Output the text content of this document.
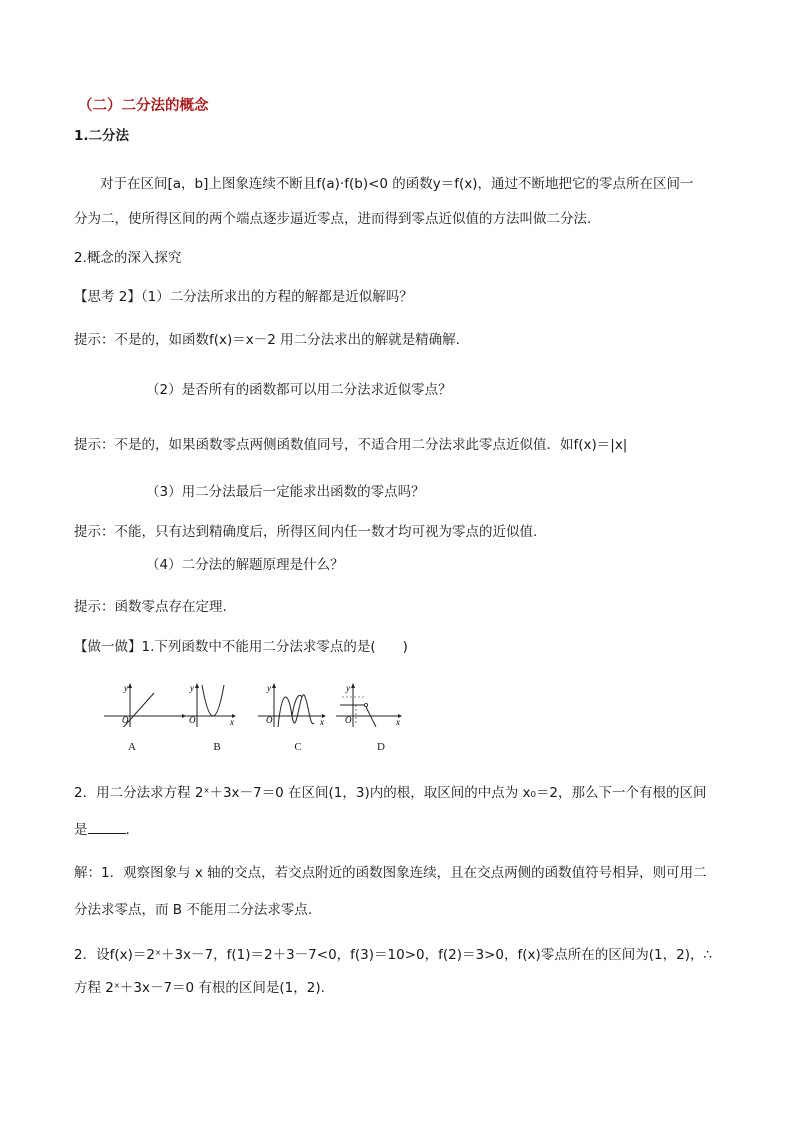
（二）二分法的概念
1.二分法
对于在区间[a，b]上图象连续不断且f(a)·f(b)<0 的函数y＝f(x)，通过不断地把它的零点所在区间一
分为二，使所得区间的两个端点逐步逼近零点，进而得到零点近似值的方法叫做二分法.
2.概念的深入探究
【思考 2】（1）二分法所求出的方程的解都是近似解吗？
提示：不是的，如函数f(x)＝x－2 用二分法求出的解就是精确解.
（2）是否所有的函数都可以用二分法求近似零点？
提示：不是的，如果函数零点两侧函数值同号，不适合用二分法求此零点近似值．如f(x)＝|x|
（3）用二分法最后一定能求出函数的零点吗？
提示：不能，只有达到精确度后，所得区间内任一数才均可视为零点的近似值.
（4）二分法的解题原理是什么？
提示：函数零点存在定理.
【做一做】1.下列函数中不能用二分法求零点的是(　　)
O
y
O
y
x	O
y
x O
y
x
A	B	C	D
2．用二分法求方程 2ˣ＋3x－7＝0 在区间(1，3)内的根，取区间的中点为 x₀＝2，那么下一个有根的区间
是	.
解：1．观察图象与 x 轴的交点，若交点附近的函数图象连续，且在交点两侧的函数值符号相异，则可用二
分法求零点，而 B 不能用二分法求零点.
2．设f(x)＝2ˣ＋3x－7，f(1)＝2＋3－7<0，f(3)＝10>0，f(2)＝3>0，f(x)零点所在的区间为(1，2)，∴
方程 2ˣ＋3x－7＝0 有根的区间是(1，2).
